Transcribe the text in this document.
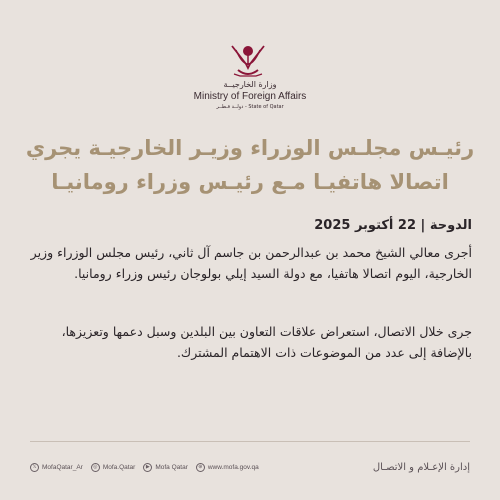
وزارة الخارجيــة
Ministry of Foreign Affairs
State of Qatar - دولــة قـطــر
رئيـس مجلـس الوزراء وزيـر الخارجيـة يجري
اتصالا هاتفيـا مـع رئيـس وزراء رومانيـا
الدوحة | 22 أكتوبر 2025
أجرى معالي الشيخ محمد بن عبدالرحمن بن جاسم آل ثاني، رئيس مجلس الوزراء وزير الخارجية، اليوم اتصالا هاتفيا، مع دولة السيد إيلي بولوجان رئيس وزراء رومانيا.
جرى خلال الاتصال، استعراض علاقات التعاون بين البلدين وسبل دعمها وتعزيزها، بالإضافة إلى عدد من الموضوعات ذات الاهتمام المشترك.
𝕏 MofaQatar_Ar	◎ Mofa.Qatar	▶ Mofa Qatar	⊕ www.mofa.gov.qa	إدارة الإعـلام و الاتصـال
